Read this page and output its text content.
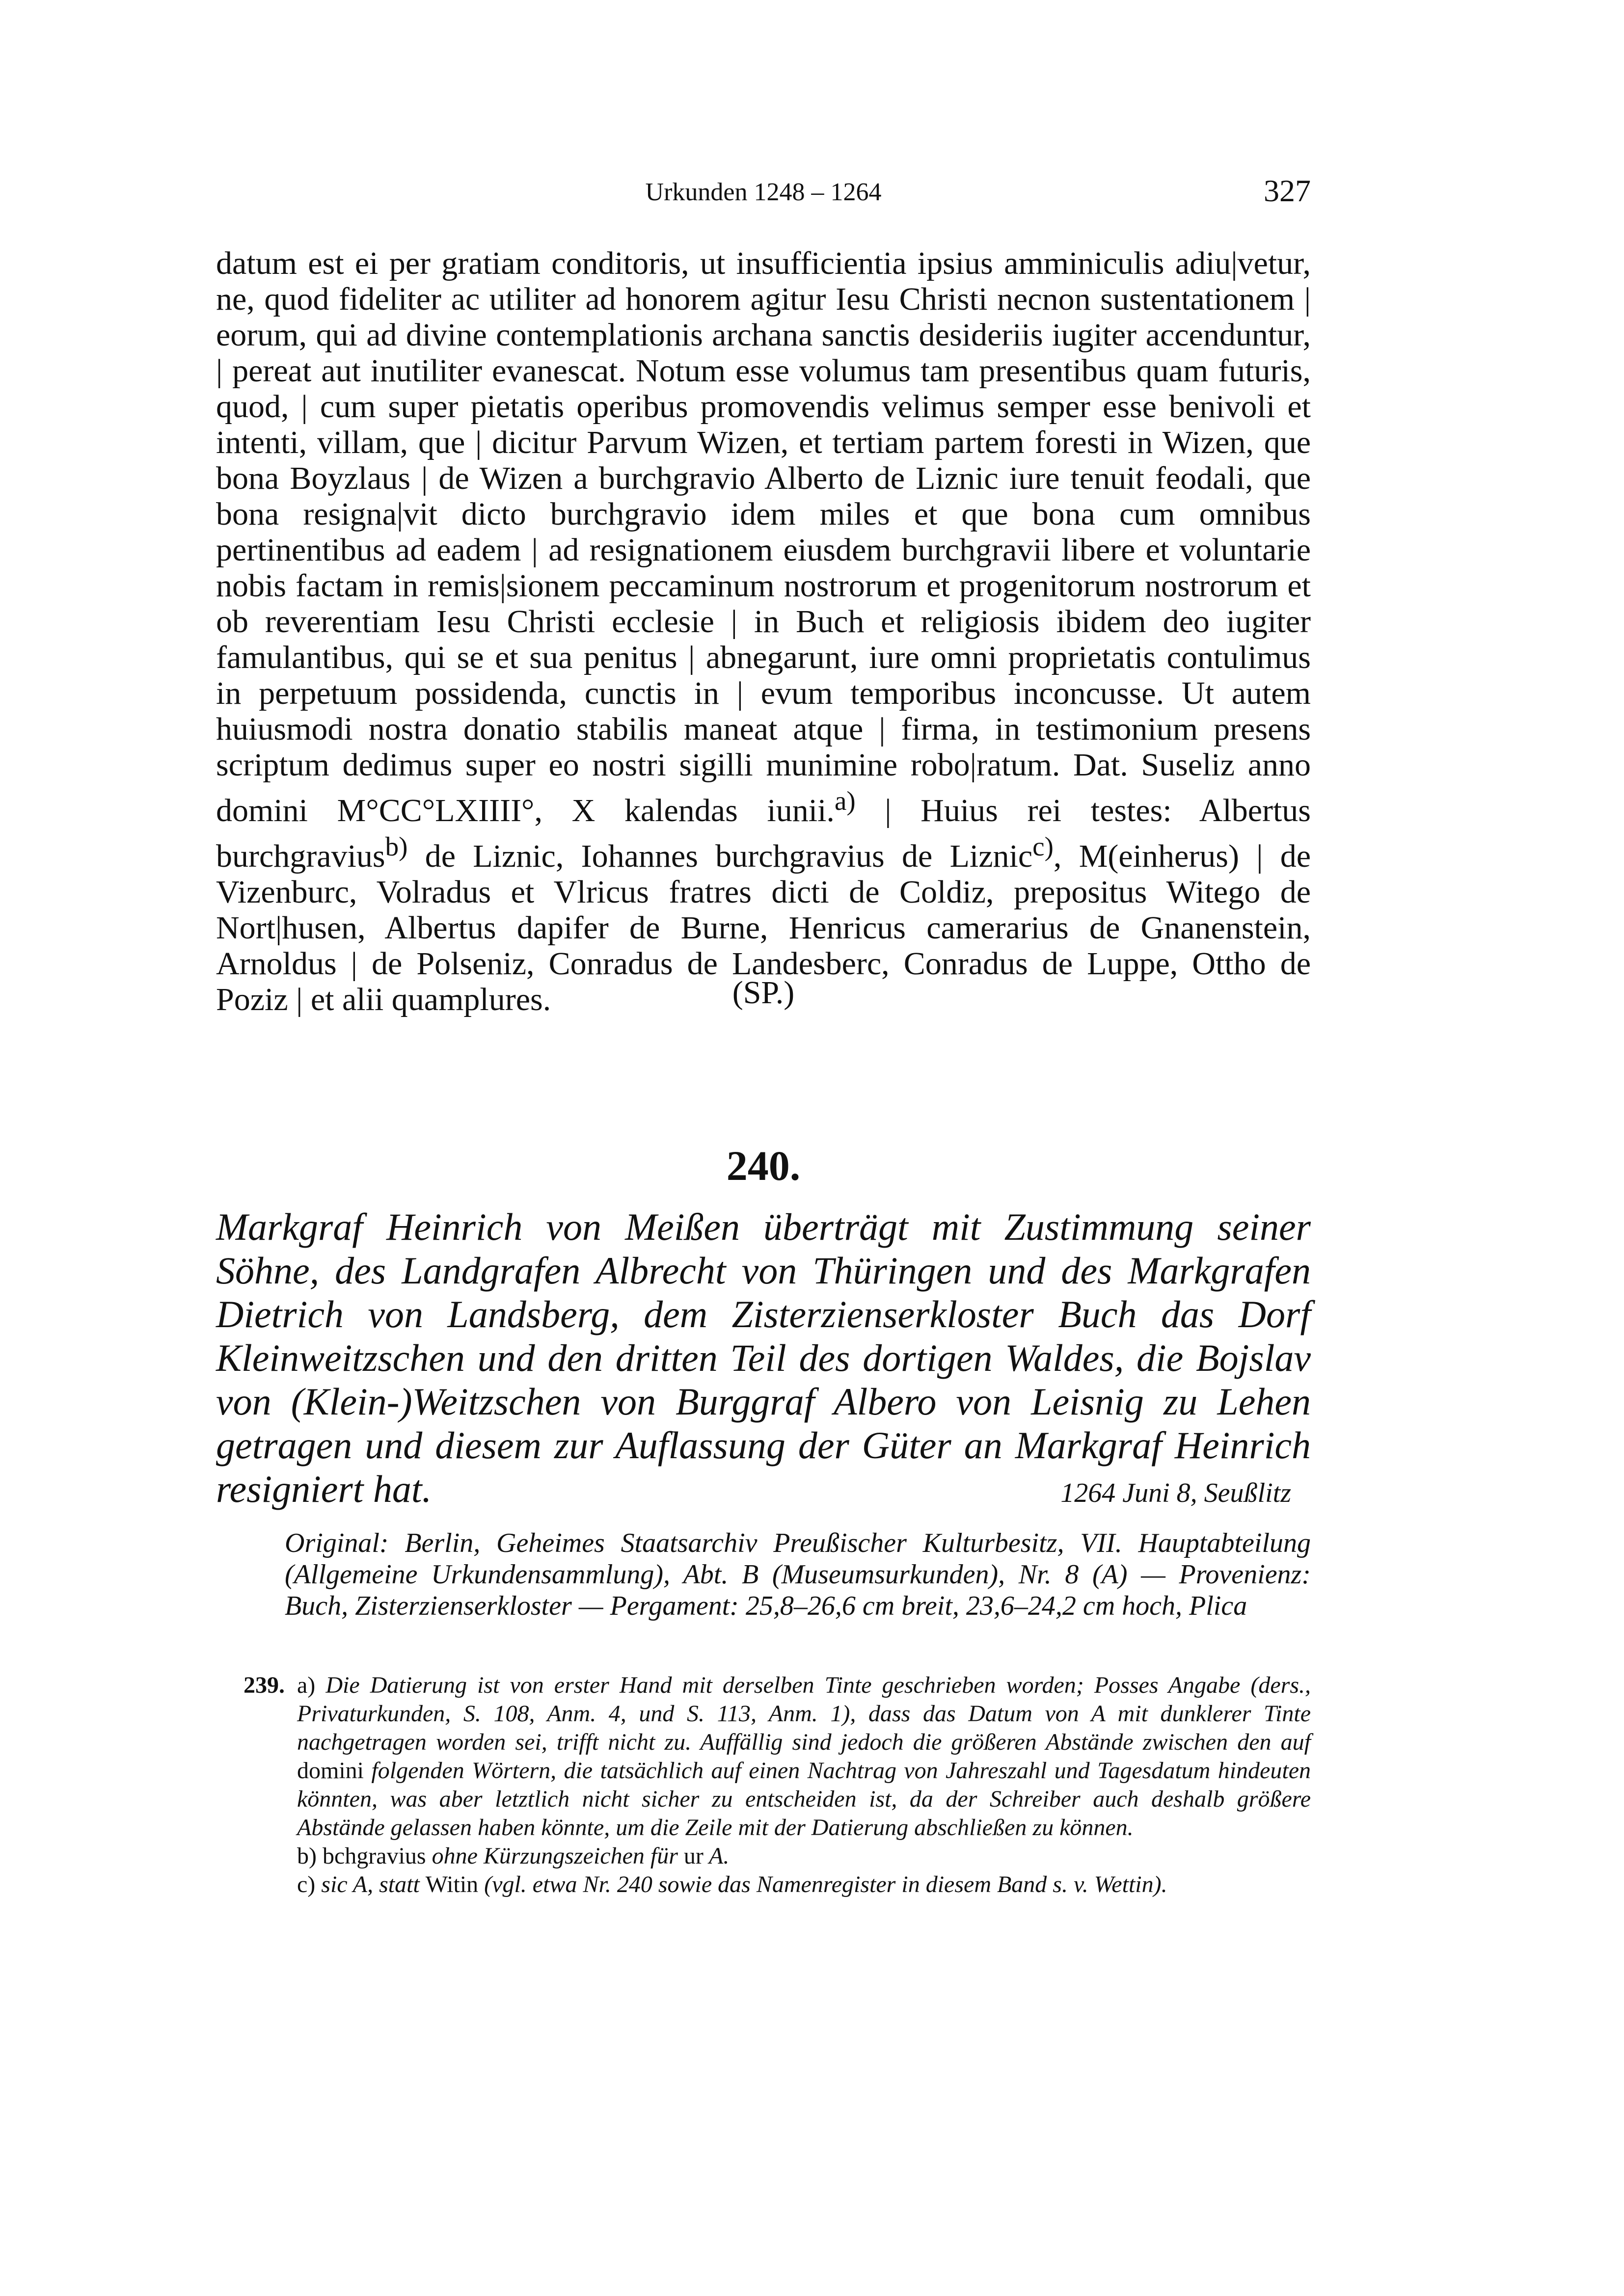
Urkunden 1248 – 1264	327

datum est ei per gratiam conditoris, ut insufficientia ipsius amminiculis adiu|vetur, ne, quod fideliter ac utiliter ad honorem agitur Iesu Christi necnon sustentationem | eorum, qui ad divine contemplationis archana sanctis desideriis iugiter accenduntur, | pereat aut inutiliter evanescat. Notum esse volumus tam presentibus quam futuris, quod, | cum super pietatis operibus promovendis velimus semper esse benivoli et intenti, villam, que | dicitur Parvum Wizen, et tertiam partem foresti in Wizen, que bona Boyzlaus | de Wizen a burchgravio Alberto de Liznic iure tenuit feodali, que bona resigna|vit dicto burchgravio idem miles et que bona cum omnibus pertinentibus ad eadem | ad resignationem eiusdem burchgravii libere et voluntarie nobis factam in remis|sionem peccaminum nostrorum et progenitorum nostrorum et ob reverentiam Iesu Christi ecclesie | in Buch et religiosis ibidem deo iugiter famulantibus, qui se et sua penitus | abnegarunt, iure omni proprietatis contulimus in perpetuum possidenda, cunctis in | evum temporibus inconcusse. Ut autem huiusmodi nostra donatio stabilis maneat atque | firma, in testimonium presens scriptum dedimus super eo nostri sigilli munimine robo|ratum. Dat. Suseliz anno domini M°CC°LXIIII°, X kalendas iunii.$^{a)}$ | Huius rei testes: Albertus burchgravius$^{b)}$ de Liznic, Iohannes burchgravius de Liznic$^{c)}$, M(einherus) | de Vizenburc, Volradus et Vlricus fratres dicti de Coldiz, prepositus Witego de Nort|husen, Albertus dapifer de Burne, Henricus camerarius de Gnanenstein, Arnoldus | de Polseniz, Conradus de Landesberc, Conradus de Luppe, Ottho de Poziz | et alii quamplures.	(SP.)
240.

Markgraf Heinrich von Meißen überträgt mit Zustimmung seiner Söhne, des Landgrafen Albrecht von Thüringen und des Markgrafen Dietrich von Landsberg, dem Zisterzienserkloster Buch das Dorf Kleinweitzschen und den dritten Teil des dortigen Waldes, die Bojslav von (Klein-)Weitzschen von Burggraf Albero von Leisnig zu Lehen getragen und diesem zur Auflassung der Güter an Markgraf Heinrich resigniert hat.	1264 Juni 8, Seußlitz

Original: Berlin, Geheimes Staatsarchiv Preußischer Kulturbesitz, VII. Hauptabteilung (Allgemeine Urkundensammlung), Abt. B (Museumsurkunden), Nr. 8 (A) — Provenienz: Buch, Zisterzienserkloster — Pergament: 25,8–26,6 cm breit, 23,6–24,2 cm hoch, Plica

239. a) Die Datierung ist von erster Hand mit derselben Tinte geschrieben worden; Posses Angabe (ders., Privaturkunden, S. 108, Anm. 4, und S. 113, Anm. 1), dass das Datum von A mit dunklerer Tinte nachgetragen worden sei, trifft nicht zu. Auffällig sind jedoch die größeren Abstände zwischen den auf domini folgenden Wörtern, die tatsächlich auf einen Nachtrag von Jahreszahl und Tagesdatum hindeuten könnten, was aber letztlich nicht sicher zu entscheiden ist, da der Schreiber auch deshalb größere Abstände gelassen haben könnte, um die Zeile mit der Datierung abschließen zu können.

b) bchgravius ohne Kürzungszeichen für ur A.

c) sic A, statt Witin (vgl. etwa Nr. 240 sowie das Namenregister in diesem Band s. v. Wettin).
